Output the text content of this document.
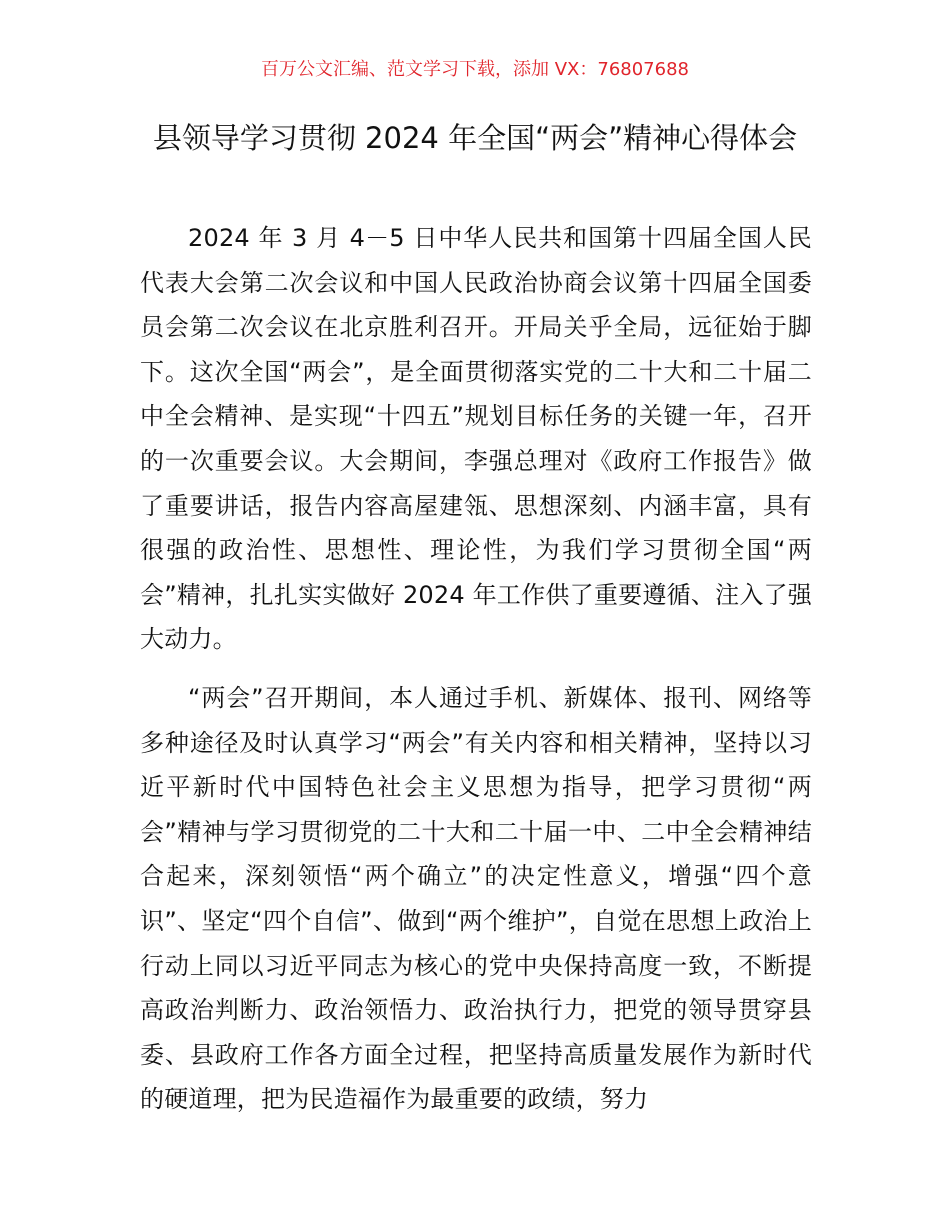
百万公文汇编、范文学习下载，添加 VX：76807688
县领导学习贯彻 2024 年全国“两会”精神心得体会

2024 年 3 月 4－5 日中华人民共和国第十四届全国人民代表大会第二次会议和中国人民政治协商会议第十四届全国委员会第二次会议在北京胜利召开。开局关乎全局，远征始于脚下。这次全国“两会”，是全面贯彻落实党的二十大和二十届二中全会精神、是实现“十四五”规划目标任务的关键一年，召开的一次重要会议。大会期间，李强总理对《政府工作报告》做了重要讲话，报告内容高屋建瓴、思想深刻、内涵丰富，具有很强的政治性、思想性、理论性，为我们学习贯彻全国“两会”精神，扎扎实实做好 2024 年工作供了重要遵循、注入了强大动力。

“两会”召开期间，本人通过手机、新媒体、报刊、网络等多种途径及时认真学习“两会”有关内容和相关精神，坚持以习近平新时代中国特色社会主义思想为指导，把学习贯彻“两会”精神与学习贯彻党的二十大和二十届一中、二中全会精神结合起来，深刻领悟“两个确立”的决定性意义，增强“四个意识”、坚定“四个自信”、做到“两个维护”，自觉在思想上政治上行动上同以习近平同志为核心的党中央保持高度一致，不断提高政治判断力、政治领悟力、政治执行力，把党的领导贯穿县委、县政府工作各方面全过程，把坚持高质量发展作为新时代的硬道理，把为民造福作为最重要的政绩，努力
